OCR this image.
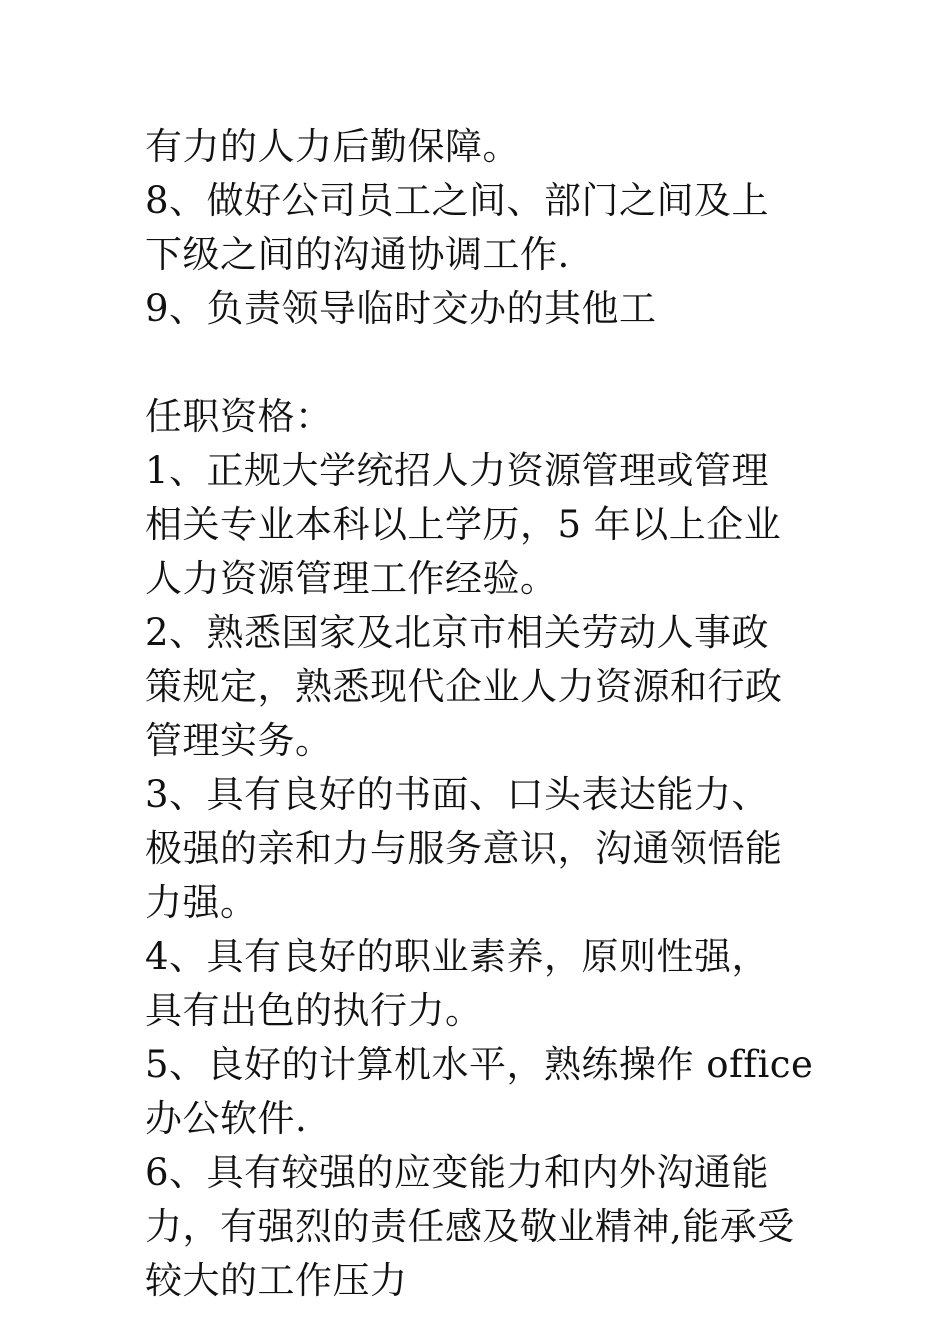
有力的人力后勤保障。
8、做好公司员工之间、部门之间及上
下级之间的沟通协调工作.
9、负责领导临时交办的其他工
任职资格：
1、正规大学统招人力资源管理或管理
相关专业本科以上学历，5 年以上企业
人力资源管理工作经验。
2、熟悉国家及北京市相关劳动人事政
策规定，熟悉现代企业人力资源和行政
管理实务。
3、具有良好的书面、口头表达能力、
极强的亲和力与服务意识，沟通领悟能
力强。
4、具有良好的职业素养，原则性强，
具有出色的执行力。
5、良好的计算机水平，熟练操作 office
办公软件.
6、具有较强的应变能力和内外沟通能
力，有强烈的责任感及敬业精神,能承受
较大的工作压力
